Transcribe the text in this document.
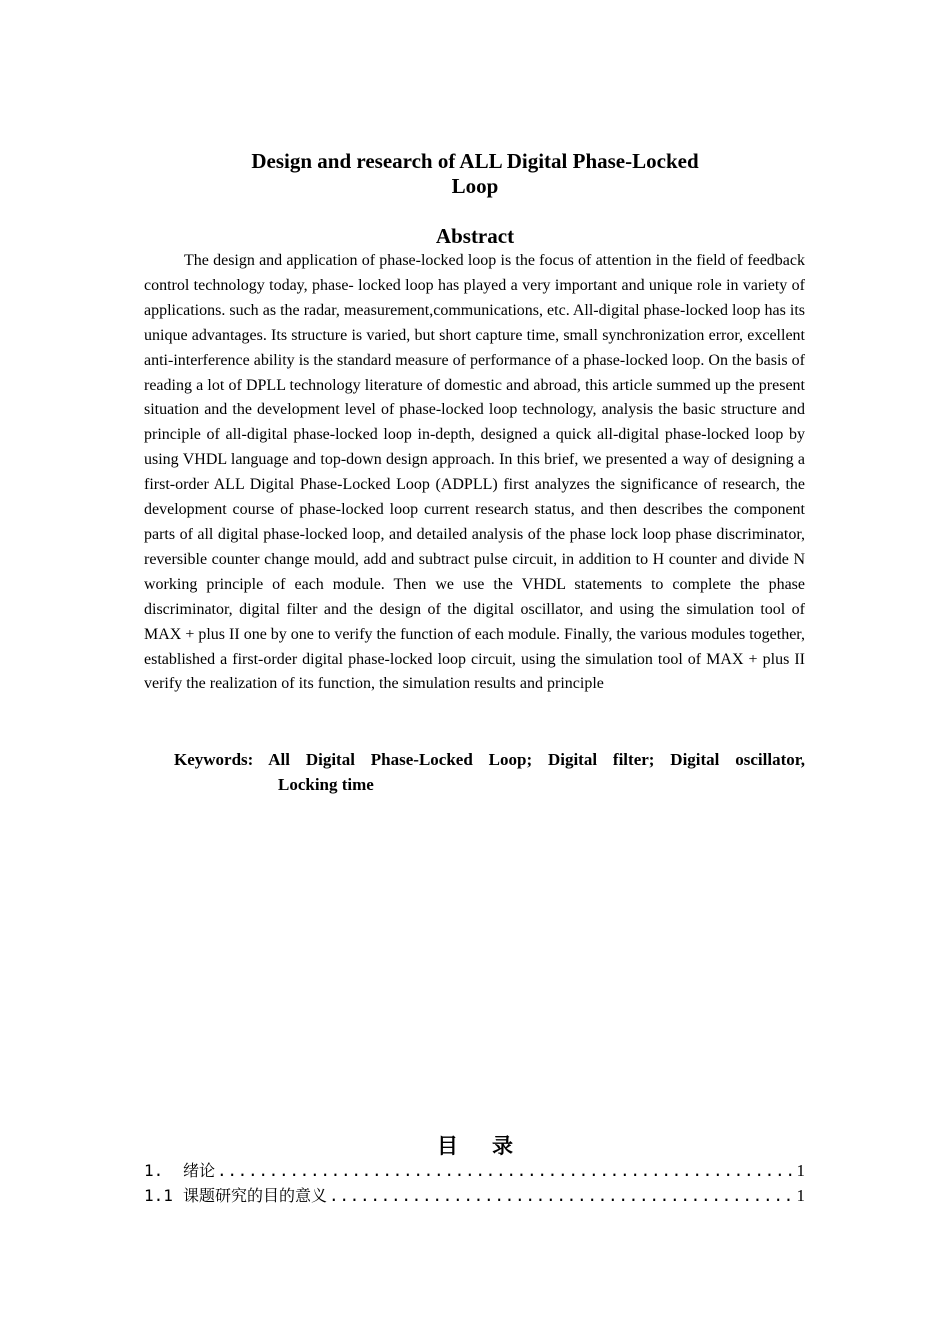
Design and research of ALL Digital Phase-Locked
Loop
Abstract

The design and application of phase-locked loop is the focus of attention in the field of feedback control technology today, phase- locked loop has played a very important and unique role in variety of applications. such as the radar, measurement,communications, etc. All-digital phase-locked loop has its unique advantages. Its structure is varied, but short capture time, small synchronization error, excellent anti-interference ability is the standard measure of performance of a phase-locked loop. On the basis of reading a lot of DPLL technology literature of domestic and abroad, this article summed up the present situation and the development level of phase-locked loop technology, analysis the basic structure and principle of all-digital phase-locked loop in-depth, designed a quick all-digital phase-locked loop by using VHDL language and top-down design approach. In this brief, we presented a way of designing a first-order ALL Digital Phase-Locked Loop (ADPLL) first analyzes the significance of research, the development course of phase-locked loop current research status, and then describes the component parts of all digital phase-locked loop, and detailed analysis of the phase lock loop phase discriminator, reversible counter change mould, add and subtract pulse circuit, in addition to H counter and divide N working principle of each module. Then we use the VHDL statements to complete the phase discriminator, digital filter and the design of the digital oscillator, and using the simulation tool of MAX + plus II one by one to verify the function of each module. Finally, the various modules together, established a first-order digital phase-locked loop circuit, using the simulation tool of MAX + plus II verify the realization of its function, the simulation results and principle

Keywords: All Digital Phase-Locked Loop; Digital filter; Digital oscillator,
Locking time
目录
1.	绪论 .....	1
1.1 课题研究的目的意义 .....	1
